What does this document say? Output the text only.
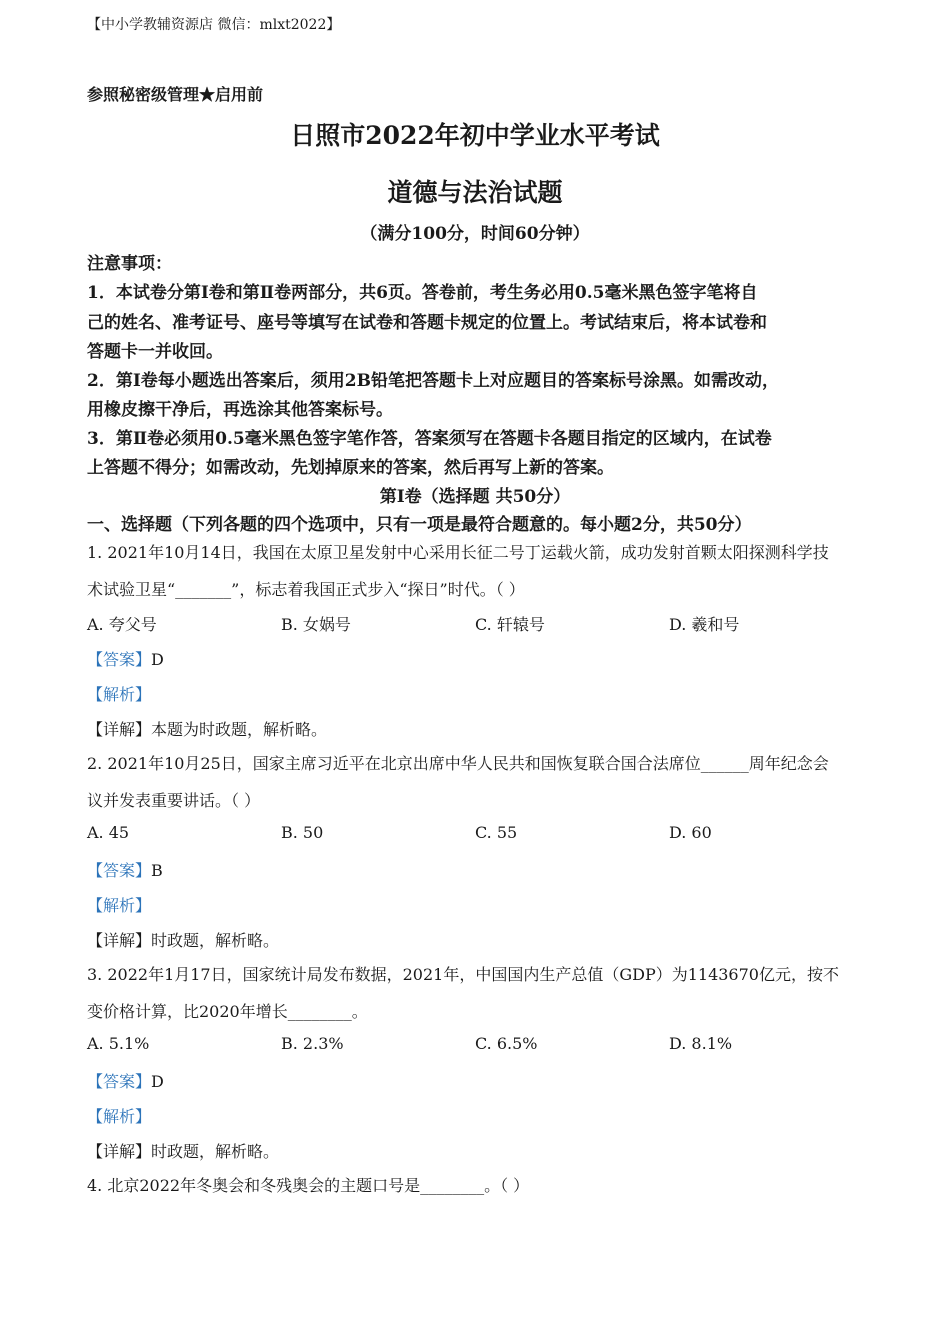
【中小学教辅资源店 微信：mlxt2022】
参照秘密级管理★启用前
日照市2022年初中学业水平考试
道德与法治试题
（满分100分，时间60分钟）
注意事项：
1．本试卷分第Ⅰ卷和第Ⅱ卷两部分，共6页。答卷前，考生务必用0.5毫米黑色签字笔将自
己的姓名、准考证号、座号等填写在试卷和答题卡规定的位置上。考试结束后，将本试卷和
答题卡一并收回。
2．第Ⅰ卷每小题选出答案后，须用2B铅笔把答题卡上对应题目的答案标号涂黑。如需改动，
用橡皮擦干净后，再选涂其他答案标号。
3．第Ⅱ卷必须用0.5毫米黑色签字笔作答，答案须写在答题卡各题目指定的区域内，在试卷
上答题不得分；如需改动，先划掉原来的答案，然后再写上新的答案。
第Ⅰ卷（选择题 共50分）
一、选择题（下列各题的四个选项中，只有一项是最符合题意的。每小题2分，共50分）
1. 2021年10月14日，我国在太原卫星发射中心采用长征二号丁运载火箭，成功发射首颗太阳探测科学技
术试验卫星“_______”，标志着我国正式步入“探日”时代。（ ）
A. 夸父号	B. 女娲号	C. 轩辕号	D. 羲和号
【答案】D
【解析】
【详解】本题为时政题，解析略。
2. 2021年10月25日，国家主席习近平在北京出席中华人民共和国恢复联合国合法席位______周年纪念会
议并发表重要讲话。（ ）
A. 45	B. 50	C. 55	D. 60
【答案】B
【解析】
【详解】时政题，解析略。
3. 2022年1月17日，国家统计局发布数据，2021年，中国国内生产总值（GDP）为1143670亿元，按不
变价格计算，比2020年增长________。
A. 5.1%	B. 2.3%	C. 6.5%	D. 8.1%
【答案】D
【解析】
【详解】时政题，解析略。
4. 北京2022年冬奥会和冬残奥会的主题口号是________。（ ）
